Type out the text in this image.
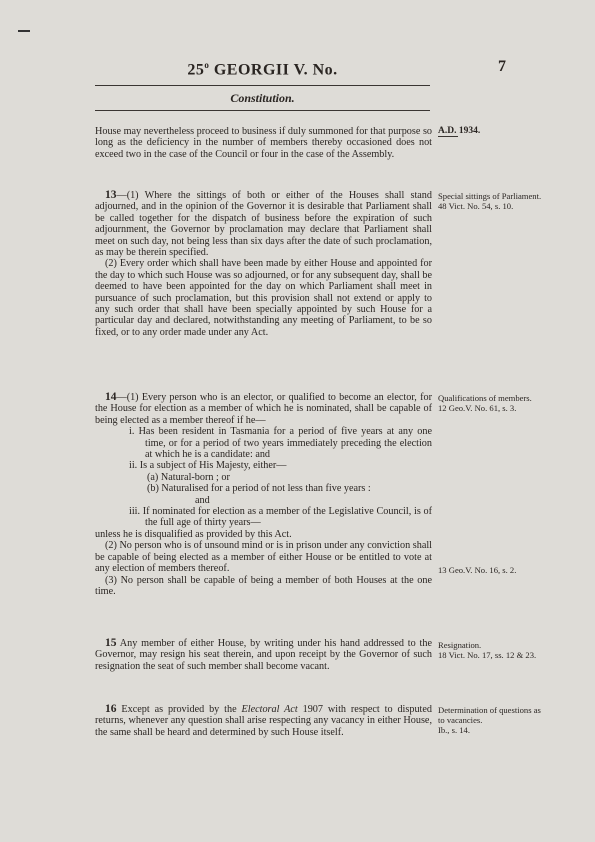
25$^o$ GEORGII V. No.
Constitution.
7

House may nevertheless proceed to business if duly summoned for that purpose so long as the deficiency in the number of members thereby occasioned does not exceed two in the case of the Council or four in the case of the Assembly.

A.D. 1934.

13—(1) Where the sittings of both or either of the Houses shall stand adjourned, and in the opinion of the Governor it is desirable that Parliament shall be called together for the dispatch of business before the expiration of such adjournment, the Governor by proclamation may declare that Parliament shall meet on such day, not being less than six days after the date of such proclamation, as may be therein specified.

(2) Every order which shall have been made by either House and appointed for the day to which such House was so adjourned, or for any subsequent day, shall be deemed to have been appointed for the day on which Parliament shall meet in pursuance of such proclamation, but this provision shall not extend or apply to any such order that shall have been specially appointed by such House for a particular day and declared, notwithstanding any meeting of Parliament, to be so fixed, or to any order made under any Act.

Special sittings of Parliament.
48 Vict. No. 54, s. 10.

14—(1) Every person who is an elector, or qualified to become an elector, for the House for election as a member of which he is nominated, shall be capable of being elected as a member thereof if he—

i. Has been resident in Tasmania for a period of five years at any one time, or for a period of two years immediately preceding the election at which he is a candidate: and
ii. Is a subject of His Majesty, either—
(a) Natural-born ; or
(b) Naturalised for a period of not less than five years :
and
iii. If nominated for election as a member of the Legislative Council, is of the full age of thirty years—

unless he is disqualified as provided by this Act.

(2) No person who is of unsound mind or is in prison under any conviction shall be capable of being elected as a member of either House or be entitled to vote at any election of members thereof.

(3) No person shall be capable of being a member of both Houses at the one time.

Qualifications of members.
12 Geo.V. No. 61, s. 3.
13 Geo.V. No. 16, s. 2.

15 Any member of either House, by writing under his hand addressed to the Governor, may resign his seat therein, and upon receipt by the Governor of such resignation the seat of such member shall become vacant.

Resignation.
18 Vict. No. 17, ss. 12 & 23.

16 Except as provided by the Electoral Act 1907 with respect to disputed returns, whenever any question shall arise respecting any vacancy in either House, the same shall be heard and determined by such House itself.

Determination of questions as to vacancies.
Ib., s. 14.
